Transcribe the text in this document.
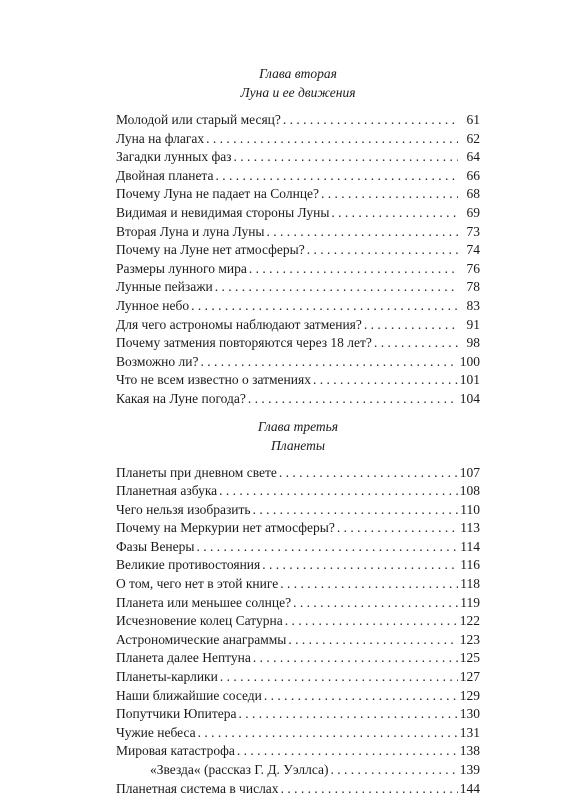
Глава вторая
Луна и ее движения
Молодой или старый месяц? . . .	61
Луна на флагах . . .	62
Загадки лунных фаз . . .	64
Двойная планета . . .	66
Почему Луна не падает на Солнце? . . .	68
Видимая и невидимая стороны Луны . . .	69
Вторая Луна и луна Луны . . .	73
Почему на Луне нет атмосферы? . . .	74
Размеры лунного мира . . .	76
Лунные пейзажи . . .	78
Лунное небо . . .	83
Для чего астрономы наблюдают затмения? . . .	91
Почему затмения повторяются через 18 лет? . . .	98
Возможно ли? . . .	100
Что не всем известно о затмениях . . .	101
Какая на Луне погода? . . .	104
Глава третья
Планеты
Планеты при дневном свете . . .	107
Планетная азбука . . .	108
Чего нельзя изобразить . . .	110
Почему на Меркурии нет атмосферы? . . .	113
Фазы Венеры . . .	114
Великие противостояния . . .	116
О том, чего нет в этой книге . . .	118
Планета или меньшее солнце? . . .	119
Исчезновение колец Сатурна . . .	122
Астрономические анаграммы . . .	123
Планета далее Нептуна . . .	125
Планеты-карлики . . .	127
Наши ближайшие соседи . . .	129
Попутчики Юпитера . . .	130
Чужие небеса . . .	131
Мировая катастрофа . . .	138
«Звезда« (рассказ Г. Д. Уэллса) . . .	139
Планетная система в числах . . .	144
